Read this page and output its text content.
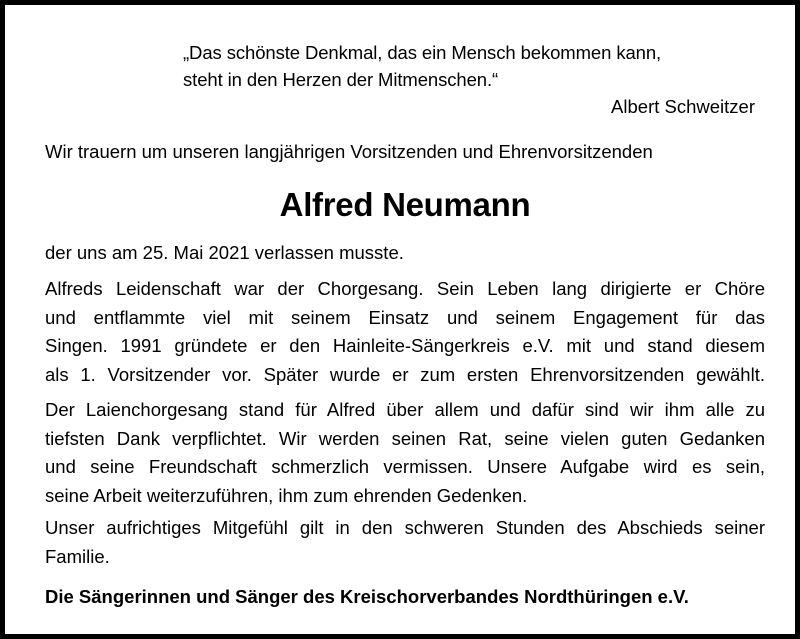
„Das schönste Denkmal, das ein Mensch bekommen kann,
steht in den Herzen der Mitmenschen.“
Albert Schweitzer
Wir trauern um unseren langjährigen Vorsitzenden und Ehrenvorsitzenden
Alfred Neumann
der uns am 25. Mai 2021 verlassen musste.
Alfreds Leidenschaft war der Chorgesang. Sein Leben lang dirigierte er Chöre
und entflammte viel mit seinem Einsatz und seinem Engagement für das
Singen. 1991 gründete er den Hainleite-Sängerkreis e.V. mit und stand diesem
als 1. Vorsitzender vor. Später wurde er zum ersten Ehrenvorsitzenden gewählt.
Der Laienchorgesang stand für Alfred über allem und dafür sind wir ihm alle zu
tiefsten Dank verpflichtet. Wir werden seinen Rat, seine vielen guten Gedanken
und seine Freundschaft schmerzlich vermissen. Unsere Aufgabe wird es sein,
seine Arbeit weiterzuführen, ihm zum ehrenden Gedenken.
Unser aufrichtiges Mitgefühl gilt in den schweren Stunden des Abschieds seiner
Familie.
Die Sängerinnen und Sänger des Kreischorverbandes Nordthüringen e.V.
